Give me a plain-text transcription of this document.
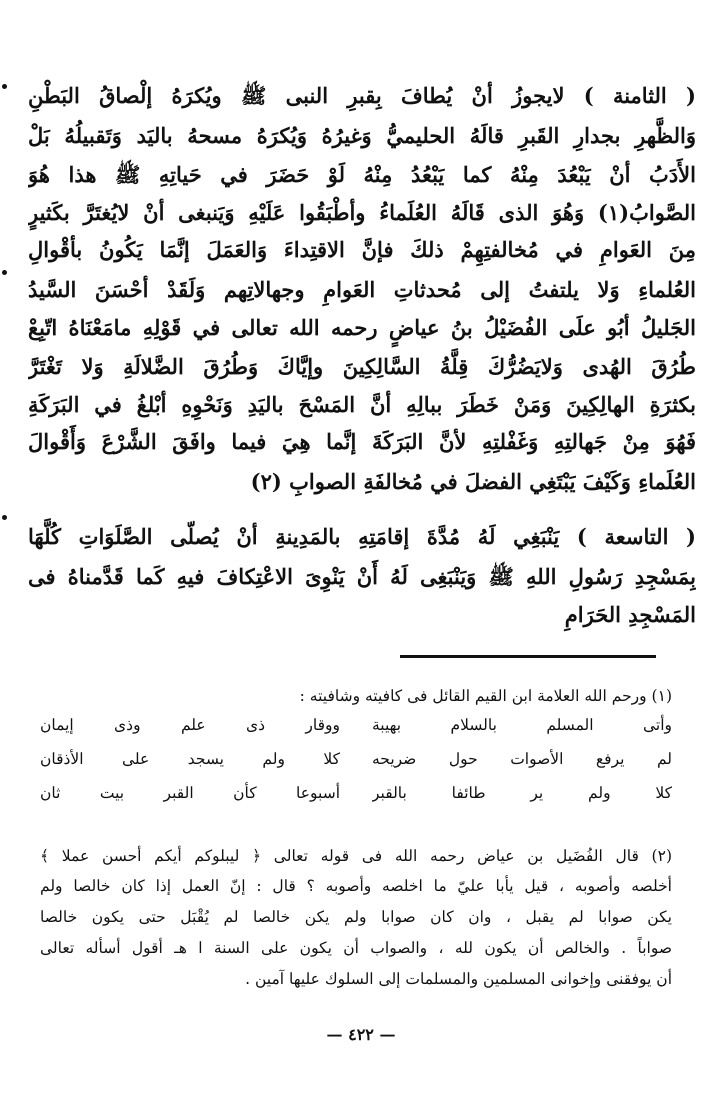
( الثامنة ) لايجوزُ أنْ يُطافَ بِقبرِ النبى ﷺ ويُكرَهُ إلْصاقُ البَطْنِ
وَالظَّهرِ بجدارِ القَبرِ قالَهُ الحليميُّ وَغيرُهُ وَيُكرَهُ مسحهُ باليَد وَتَقبيلُهُ بَلْ
الأَدَبُ أنْ يَبْعُدَ مِنْهُ كما يَبْعُدُ مِنْهُ لَوْ حَضَرَ في حَياتِهِ ﷺ هذا هُوَ
الصَّوابُ(١) وَهُوَ الذى قَالَهُ العُلَماءُ وأطْبَقُوا عَلَيْهِ وَيَنبغى أنْ لايُغتَرَّ بكَثيرٍ
مِنَ العَوامِ في مُخالفتِهِمْ ذلكَ فإنَّ الاقتِداءَ وَالعَمَلَ إنَّمَا يَكُونُ بأقْوالِ
العُلماءِ وَلا يلتفتُ إلى مُحدثاتِ العَوامِ وجهالاتِهم وَلَقَدْ أحْسَنَ السَّيدُ
الجَليلُ أبُو علَى الفُضَيْلُ بنُ عياضٍ رحمه الله تعالى في قَوْلِهِ مامَعْنَاهُ اتّبِعْ
طُرُقَ الهُدى وَلايَضُرُّكَ قِلَّةُ السَّالِكِينَ وإيَّاكَ وَطُرُقَ الضَّلالَةِ وَلا تَغْتَرَّ
بكثرَةِ الهالِكِينَ وَمَنْ خَطَرَ ببالِهِ أنَّ المَسْحَ باليَدِ وَنَحْوِهِ أبْلغُ في البَرَكَةِ
فَهُوَ مِنْ جَهالتِهِ وَغَفْلتِهِ لأنَّ البَرَكَةَ إنَّما هِيَ فيما وافَقَ الشَّرْعَ وَأَقْوالَ
العُلَماءِ وَكَيْفَ يَبْتَغِي الفضلَ في مُخالفَةِ الصوابِ (٢)
( التاسعة ) يَنْبَغِي لَهُ مُدَّةَ إقامَتِهِ بالمَدِينةِ أنْ يُصلّى الصَّلَوَاتِ كُلَّهَا
بِمَسْجِدِ رَسُولِ اللهِ ﷺ وَيَنْبَغِى لَهُ أَنْ يَنْوِىَ الاعْتِكافَ فيهِ كَما قَدَّمناهُ فى
المَسْجِدِ الحَرَامِ
(١) ورحم الله العلامة ابن القيم القائل فى كافيته وشافيته :
وأتى المسلم بالسلام بهيبة
ووقار ذى علم وذى إيمان
لم يرفع الأصوات حول ضريحه
كلا ولم يسجد على الأذقان
كلا ولم ير طائفا بالقبر
أسبوعا كأن القبر بيت ثان
(٢) قال الفُضَيل بن عياض رحمه الله فى قوله تعالى ﴿ ليبلوكم أيكم أحسن عملا ﴾
أخلصه وأصوبه ، قيل يأبا عليّ ما اخلصه وأصوبه ؟ قال : إنّ العمل إذا كان خالصا ولم
يكن صوابا لم يقبل ، وان كان صوابا ولم يكن خالصا لم يُقْبَل حتى يكون خالصا
صواباً . والخالص أن يكون لله ، والصواب أن يكون على السنة ا هـ أقول أسأله تعالى
أن يوفقنى وإخوانى المسلمين والمسلمات إلى السلوك عليها آمين .
— ٤٢٢ —
